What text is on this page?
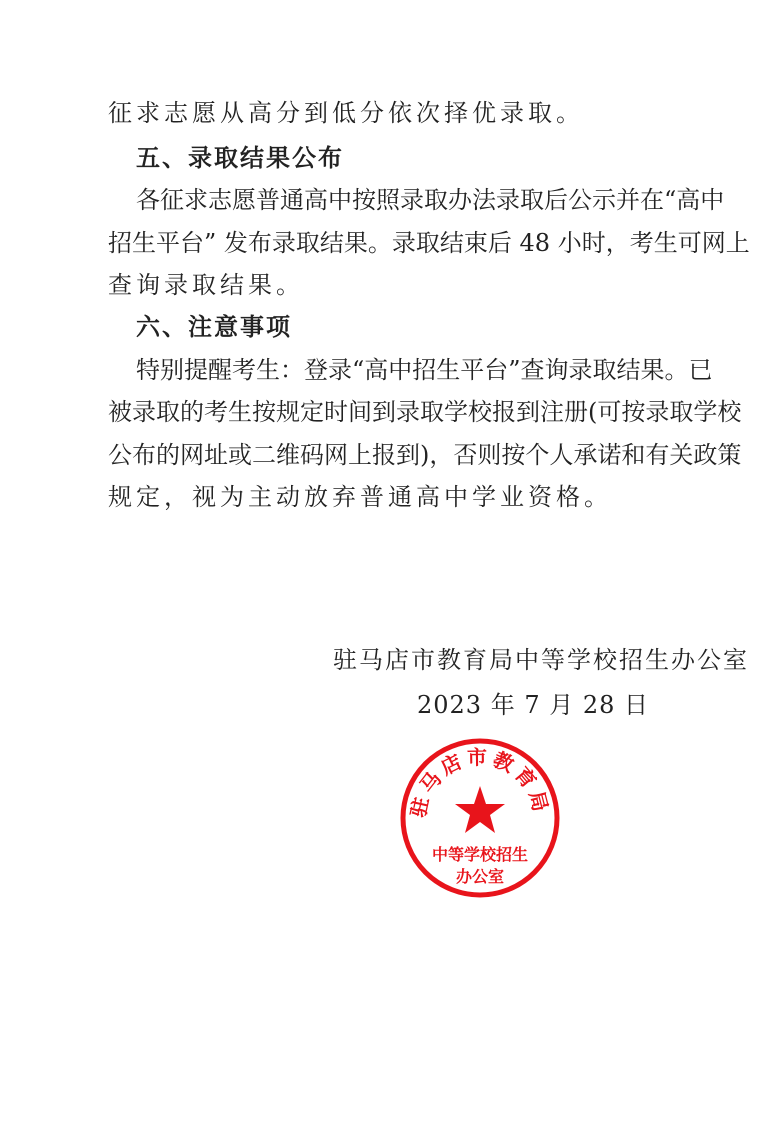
征求志愿从高分到低分依次择优录取。
五、录取结果公布
各征求志愿普通高中按照录取办法录取后公示并在“高中
招生平台” 发布录取结果。录取结束后 48 小时，考生可网上
查询录取结果。
六、注意事项
特别提醒考生：登录“高中招生平台”查询录取结果。已
被录取的考生按规定时间到录取学校报到注册(可按录取学校
公布的网址或二维码网上报到)，否则按个人承诺和有关政策
规定，视为主动放弃普通高中学业资格。
驻马店市教育局中等学校招生办公室
2023 年 7 月 28 日
驻马店市教育局
中等学校招生
办公室
